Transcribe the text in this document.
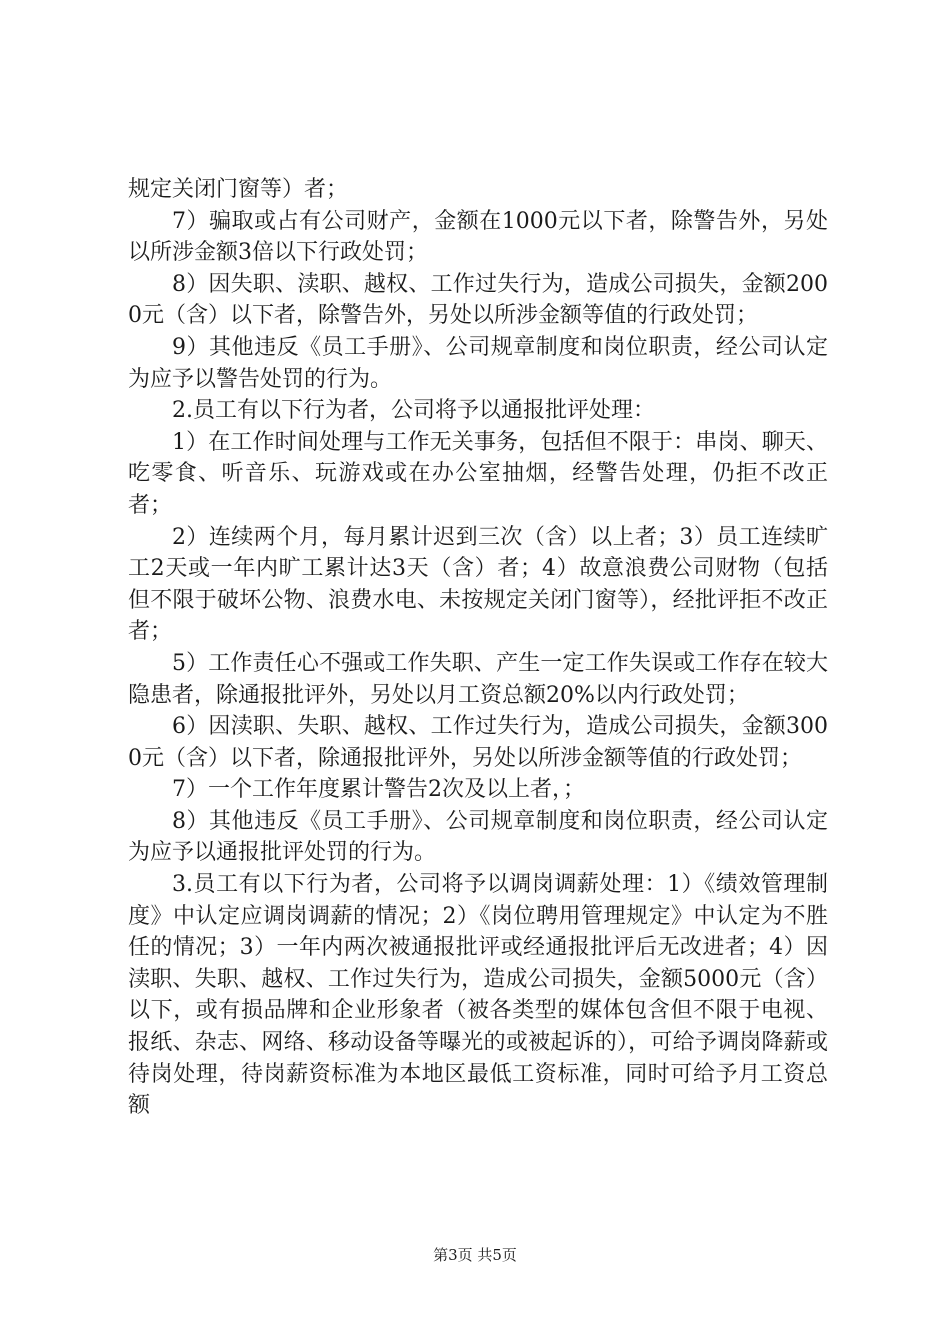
规定关闭门窗等）者；

7）骗取或占有公司财产，金额在1000元以下者，除警告外，另处以所涉金额3倍以下行政处罚；

8）因失职、渎职、越权、工作过失行为，造成公司损失，金额2000元（含）以下者，除警告外，另处以所涉金额等值的行政处罚；

9）其他违反《员工手册》、公司规章制度和岗位职责，经公司认定为应予以警告处罚的行为。

2.员工有以下行为者，公司将予以通报批评处理：

1）在工作时间处理与工作无关事务，包括但不限于：串岗、聊天、吃零食、听音乐、玩游戏或在办公室抽烟，经警告处理，仍拒不改正者；

2）连续两个月，每月累计迟到三次（含）以上者；3）员工连续旷工2天或一年内旷工累计达3天（含）者；4）故意浪费公司财物（包括但不限于破坏公物、浪费水电、未按规定关闭门窗等），经批评拒不改正者；

5）工作责任心不强或工作失职、产生一定工作失误或工作存在较大隐患者，除通报批评外，另处以月工资总额20%以内行政处罚；

6）因渎职、失职、越权、工作过失行为，造成公司损失，金额3000元（含）以下者，除通报批评外，另处以所涉金额等值的行政处罚；

7）一个工作年度累计警告2次及以上者，；

8）其他违反《员工手册》、公司规章制度和岗位职责，经公司认定为应予以通报批评处罚的行为。

3.员工有以下行为者，公司将予以调岗调薪处理：1）《绩效管理制度》中认定应调岗调薪的情况；2）《岗位聘用管理规定》中认定为不胜任的情况；3）一年内两次被通报批评或经通报批评后无改进者；4）因渎职、失职、越权、工作过失行为，造成公司损失，金额5000元（含）以下，或有损品牌和企业形象者（被各类型的媒体包含但不限于电视、报纸、杂志、网络、移动设备等曝光的或被起诉的），可给予调岗降薪或待岗处理，待岗薪资标准为本地区最低工资标准，同时可给予月工资总额

第3页 共5页
